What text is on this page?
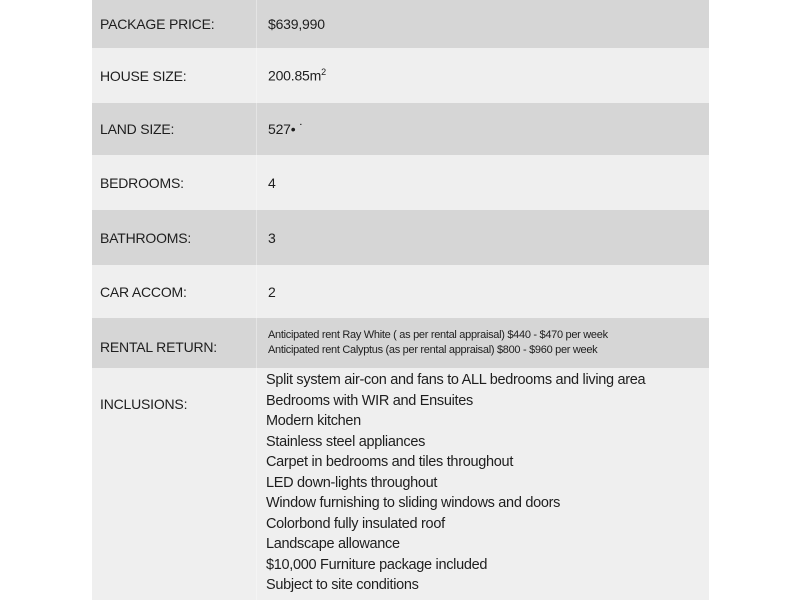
PACKAGE PRICE:	$639,990
HOUSE SIZE:	$200.85m^2$
LAND SIZE:	527• ˙
BEDROOMS:	4
BATHROOMS:	3
CAR ACCOM:	2
RENTAL RETURN:
Anticipated rent Ray White ( as per rental appraisal) $440 - $470 per week
Anticipated rent Calyptus (as per rental appraisal) $800 - $960 per week
INCLUSIONS:
Split system air-con and fans to ALL bedrooms and living area
Bedrooms with WIR and Ensuites
Modern kitchen
Stainless steel appliances
Carpet in bedrooms and tiles throughout
LED down-lights throughout
Window furnishing to sliding windows and doors
Colorbond fully insulated roof
Landscape allowance
$10,000 Furniture package included
Subject to site conditions
